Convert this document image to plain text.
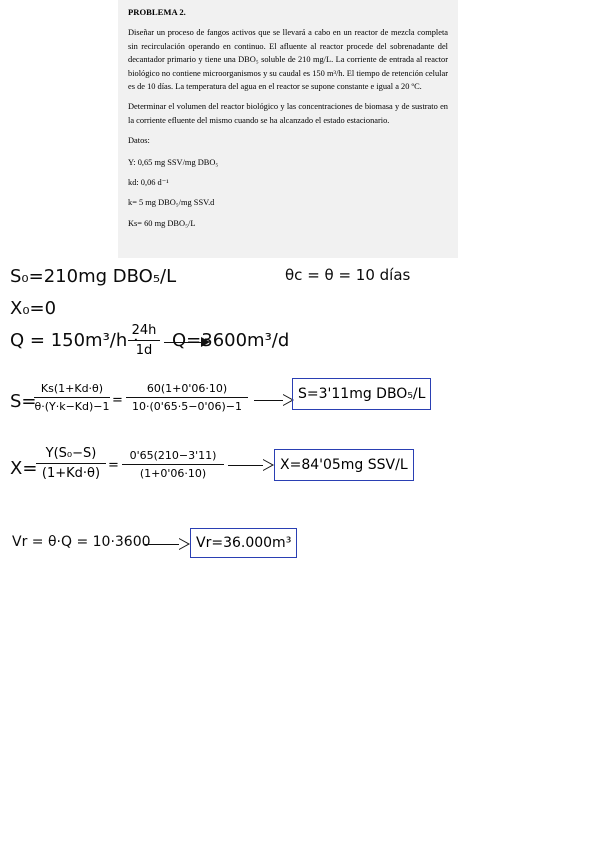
PROBLEMA 2.
Diseñar un proceso de fangos activos que se llevará a cabo en un reactor de mezcla completa sin recirculación operando en continuo. El afluente al reactor procede del sobrenadante del decantador primario y tiene una DBO₅ soluble de 210 mg/L. La corriente de entrada al reactor biológico no contiene microorganismos y su caudal es 150 m³/h. El tiempo de retención celular es de 10 días. La temperatura del agua en el reactor se supone constante e igual a 20 ºC.
Determinar el volumen del reactor biológico y las concentraciones de biomasa y de sustrato en la corriente efluente del mismo cuando se ha alcanzado el estado estacionario.
Datos:
Y: 0,65 mg SSV/mg DBO₅
kd: 0,06 d⁻¹
k= 5 mg DBO₅/mg SSV.d
Ks= 60 mg DBO₅/L
S₀=210mg DBO₅/L	θc = θ = 10 días
X₀=0
Q = 150m³/h ·
24h
1d	Q=3600m³/d
S=
Ks(1+Kd·θ)
θ·(Y·k−Kd)−1 =
60(1+0'06·10)
10·(0'65·5−0'06)−1
S=3'11mg DBO₅/L
X=
Y(S₀−S)
(1+Kd·θ)
=
0'65(210−3'11)
(1+0'06·10)
X=84'05mg SSV/L
Vr = θ·Q = 10·3600	Vr=36.000m³
